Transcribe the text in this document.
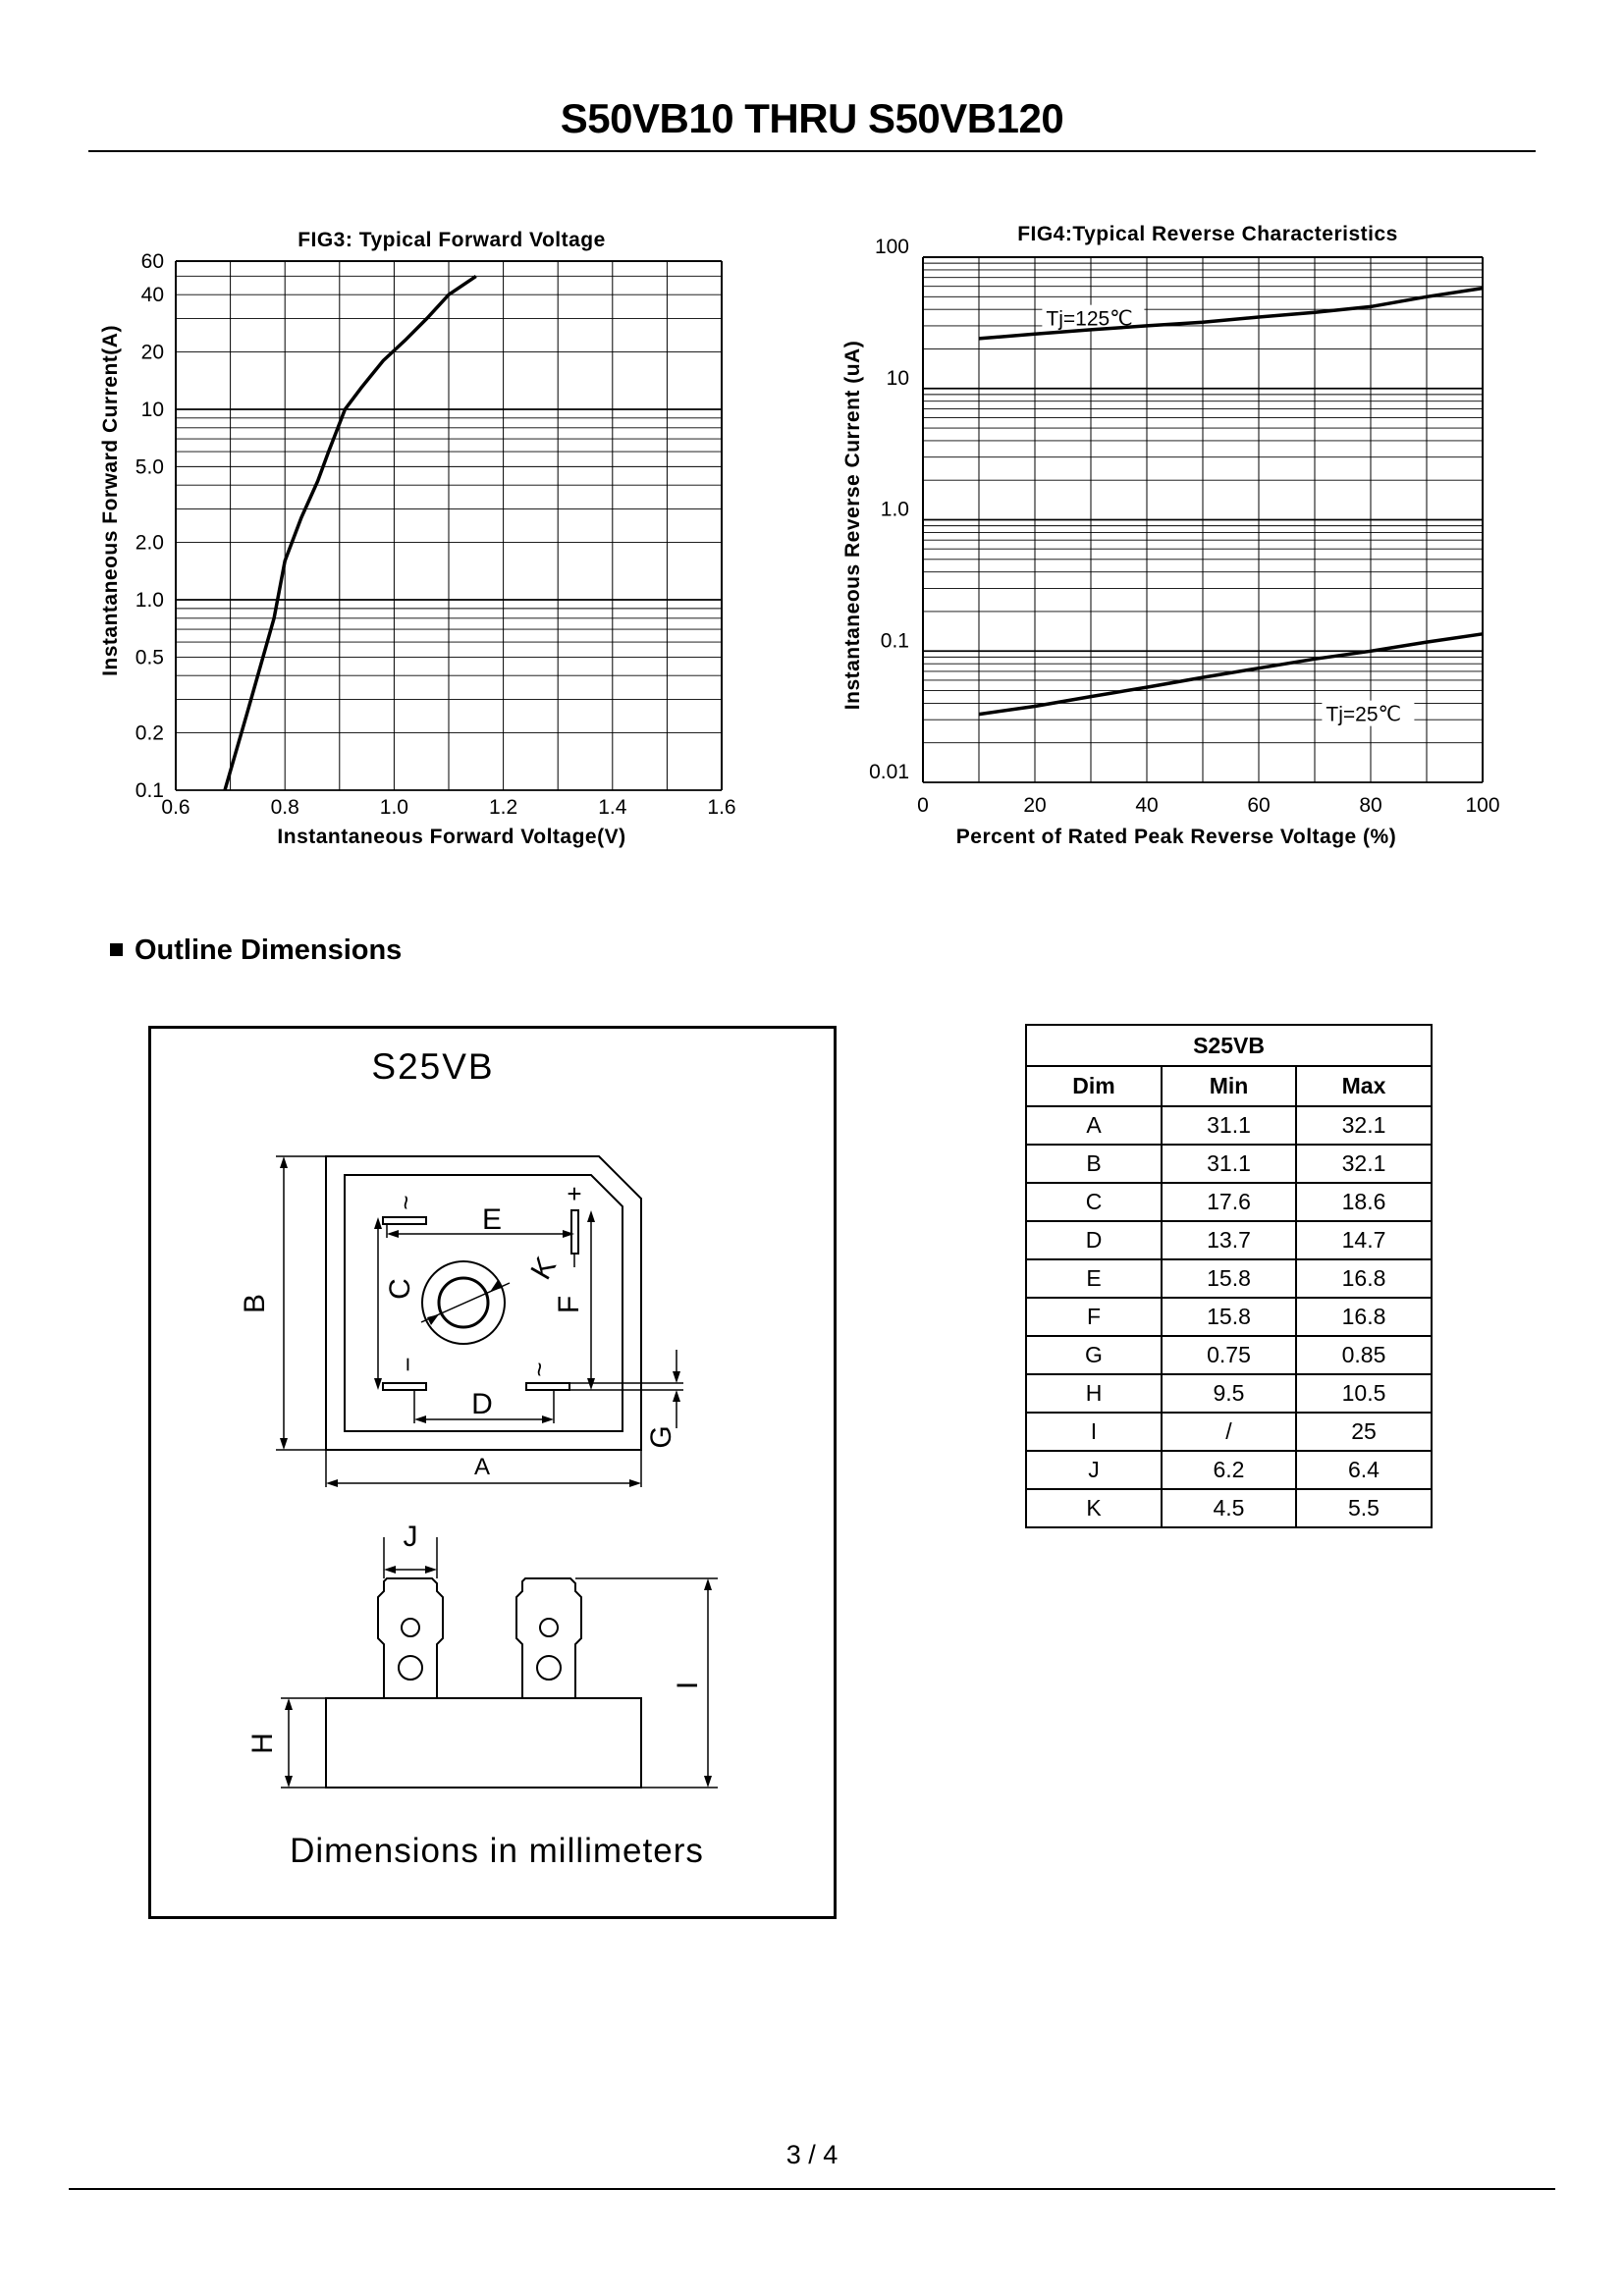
S50VB10 THRU S50VB120
FIG3: Typical Forward Voltage
60
40
20
10
5.0
2.0
1.0
0.5
0.2
0.1
0.6	0.8	1.0	1.2	1.4	1.6
Instantaneous Forward Current(A)
Instantaneous Forward Voltage(V)
FIG4:Typical Reverse Characteristics
100
10
1.0
0.1
0.01
0	20	40	60	80	100
Tj=125℃
Tj=25℃
Instantaneous Reverse Current (uA)
Percent of Rated Peak Reverse Voltage (%)
Outline Dimensions
S25VB
B
A
C
E
F
D
K
G
~	+
−	~
J
H
I
Dimensions in millimeters
	S25VB	
Dim	Min	Max
A	31.1	32.1
B	31.1	32.1
C	17.6	18.6
D	13.7	14.7
E	15.8	16.8
F	15.8	16.8
G	0.75	0.85
H	9.5	10.5
I	/	25
J	6.2	6.4
K	4.5	5.5
3 / 4
